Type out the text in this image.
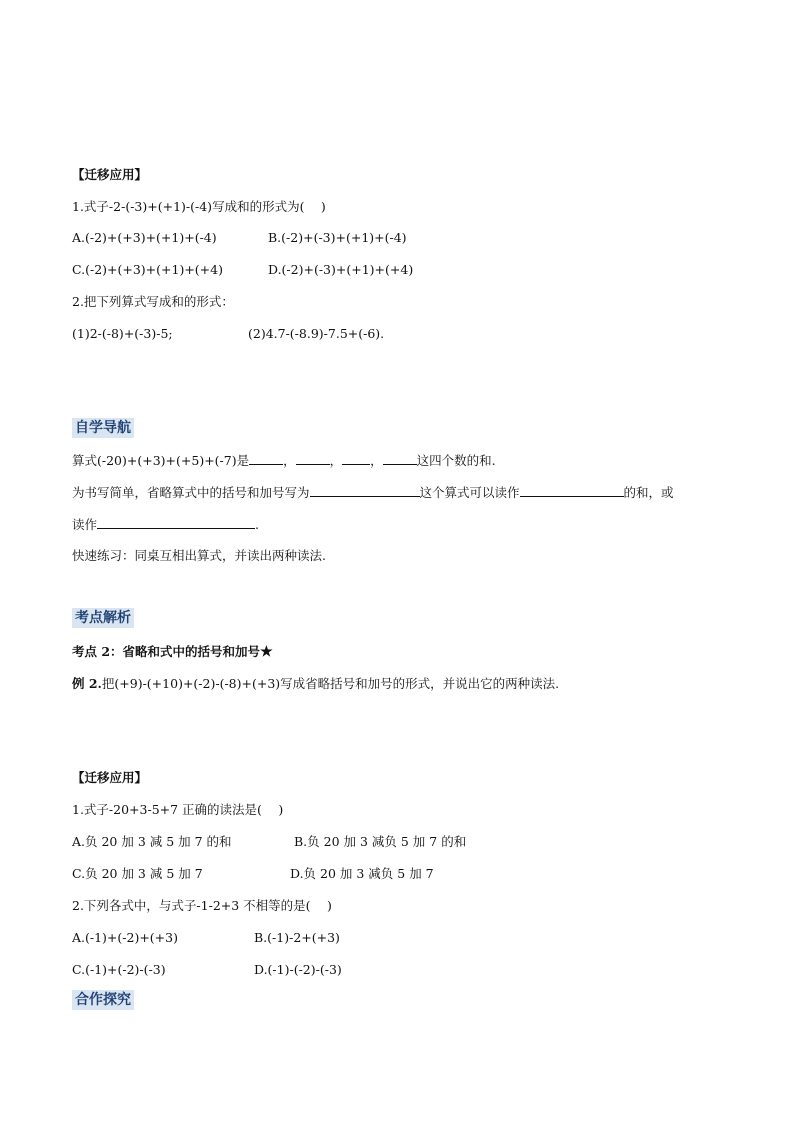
【迁移应用】
1.式子-2-(-3)+(+1)-(-4)写成和的形式为(　 )
A.(-2)+(+3)+(+1)+(-4)	B.(-2)+(-3)+(+1)+(-4)
C.(-2)+(+3)+(+1)+(+4)	D.(-2)+(-3)+(+1)+(+4)
2.把下列算式写成和的形式：
(1)2-(-8)+(-3)-5;	(2)4.7-(-8.9)-7.5+(-6).
自学导航
算式(-20)+(+3)+(+5)+(-7)是	，	， ，	这四个数的和.
为书写简单，省略算式中的括号和加号写为	这个算式可以读作	的和，或
读作	.
快速练习：同桌互相出算式，并读出两种读法.
考点解析
考点 2：省略和式中的括号和加号★
例 2.把(+9)-(+10)+(-2)-(-8)+(+3)写成省略括号和加号的形式，并说出它的两种读法.
【迁移应用】
1.式子-20+3-5+7 正确的读法是(　 )
A.负 20 加 3 减 5 加 7 的和	B.负 20 加 3 减负 5 加 7 的和
C.负 20 加 3 减 5 加 7	D.负 20 加 3 减负 5 加 7
2.下列各式中，与式子-1-2+3 不相等的是(　 )
A.(-1)+(-2)+(+3)	B.(-1)-2+(+3)
C.(-1)+(-2)-(-3)	D.(-1)-(-2)-(-3)
合作探究
